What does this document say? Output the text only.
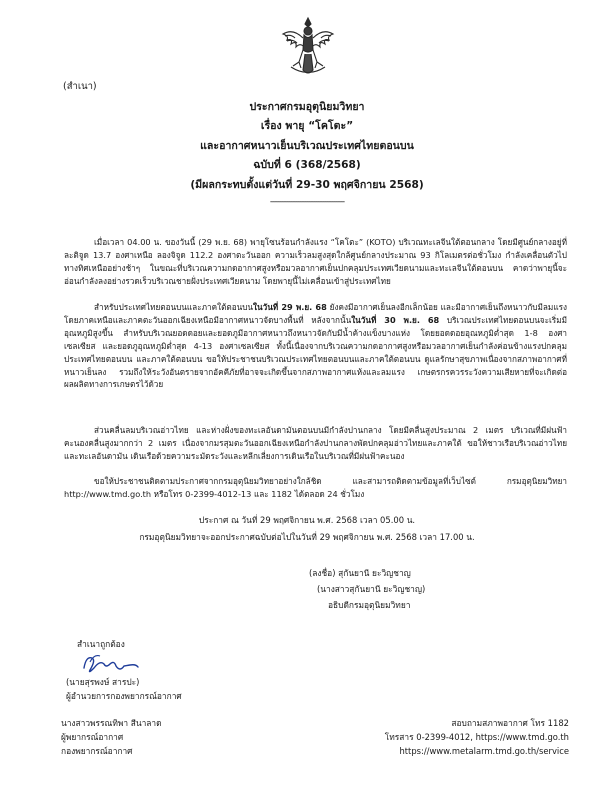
(สำเนา)
ประกาศกรมอุตุนิยมวิทยา
เรื่อง พายุ “โคโตะ”
และอากาศหนาวเย็นบริเวณประเทศไทยตอนบน
ฉบับที่ 6 (368/2568)
(มีผลกระทบตั้งแต่วันที่ 29-30 พฤศจิกายน 2568)
---------------------------------

เมื่อเวลา 04.00 น. ของวันนี้ (29 พ.ย. 68) พายุโซนร้อนกำลังแรง “โคโตะ” (KOTO) บริเวณทะเลจีนใต้ตอนกลาง โดยมีศูนย์กลางอยู่ที่ละติจูด 13.7 องศาเหนือ ลองจิจูด 112.2 องศาตะวันออก ความเร็วลมสูงสุดใกล้ศูนย์กลางประมาณ 93 กิโลเมตรต่อชั่วโมง กำลังเคลื่อนตัวไปทางทิศเหนืออย่างช้าๆ ในขณะที่บริเวณความกดอากาศสูงหรือมวลอากาศเย็นปกคลุมประเทศเวียดนามและทะเลจีนใต้ตอนบน คาดว่าพายุนี้จะอ่อนกำลังลงอย่างรวดเร็วบริเวณชายฝั่งประเทศเวียดนาม โดยพายุนี้ไม่เคลื่อนเข้าสู่ประเทศไทย

สำหรับประเทศไทยตอนบนและภาคใต้ตอนบนในวันที่ 29 พ.ย. 68 ยังคงมีอากาศเย็นลงอีกเล็กน้อย และมีอากาศเย็นถึงหนาวกับมีลมแรง โดยภาคเหนือและภาคตะวันออกเฉียงเหนือมีอากาศหนาวจัดบางพื้นที่ หลังจากนั้นในวันที่ 30 พ.ย. 68 บริเวณประเทศไทยตอนบนจะเริ่มมีอุณหภูมิสูงขึ้น สำหรับบริเวณยอดดอยและยอดภูมีอากาศหนาวถึงหนาวจัดกับมีน้ำค้างแข็งบางแห่ง โดยยอดดอยอุณหภูมิต่ำสุด 1-8 องศาเซลเซียส และยอดภูอุณหภูมิต่ำสุด 4-13 องศาเซลเซียส ทั้งนี้เนื่องจากบริเวณความกดอากาศสูงหรือมวลอากาศเย็นกำลังค่อนข้างแรงปกคลุมประเทศไทยตอนบน และภาคใต้ตอนบน ขอให้ประชาชนบริเวณประเทศไทยตอนบนและภาคใต้ตอนบน ดูแลรักษาสุขภาพเนื่องจากสภาพอากาศที่หนาวเย็นลง รวมถึงให้ระวังอันตรายจากอัคคีภัยที่อาจจะเกิดขึ้นจากสภาพอากาศแห้งและลมแรง เกษตรกรควรระวังความเสียหายที่จะเกิดต่อผลผลิตทางการเกษตรไว้ด้วย

ส่วนคลื่นลมบริเวณอ่าวไทย และห่างฝั่งของทะเลอันดามันตอนบนมีกำลังปานกลาง โดยมีคลื่นสูงประมาณ 2 เมตร บริเวณที่มีฝนฟ้าคะนองคลื่นสูงมากกว่า 2 เมตร เนื่องจากมรสุมตะวันออกเฉียงเหนือกำลังปานกลางพัดปกคลุมอ่าวไทยและภาคใต้ ขอให้ชาวเรือบริเวณอ่าวไทยและทะเลอันดามัน เดินเรือด้วยความระมัดระวังและหลีกเลี่ยงการเดินเรือในบริเวณที่มีฝนฟ้าคะนอง

ขอให้ประชาชนติดตามประกาศจากกรมอุตุนิยมวิทยาอย่างใกล้ชิด และสามารถติดตามข้อมูลที่เว็บไซต์ กรมอุตุนิยมวิทยา http://www.tmd.go.th หรือโทร 0-2399-4012-13 และ 1182 ได้ตลอด 24 ชั่วโมง

ประกาศ ณ วันที่ 29 พฤศจิกายน พ.ศ. 2568 เวลา 05.00 น.
กรมอุตุนิยมวิทยาจะออกประกาศฉบับต่อไปในวันที่ 29 พฤศจิกายน พ.ศ. 2568 เวลา 17.00 น.
(ลงชื่อ) สุกันยานี ยะวิญชาญ
(นางสาวสุกันยานี ยะวิญชาญ)
อธิบดีกรมอุตุนิยมวิทยา
สำเนาถูกต้อง
(นายสุรพงษ์ สารปะ)
ผู้อำนวยการกองพยากรณ์อากาศ
นางสาวพรรณทิพา สีนาลาด
ผู้พยากรณ์อากาศ
กองพยากรณ์อากาศ
สอบถามสภาพอากาศ โทร 1182
โทรสาร 0-2399-4012, https://www.tmd.go.th
https://www.metalarm.tmd.go.th/service
